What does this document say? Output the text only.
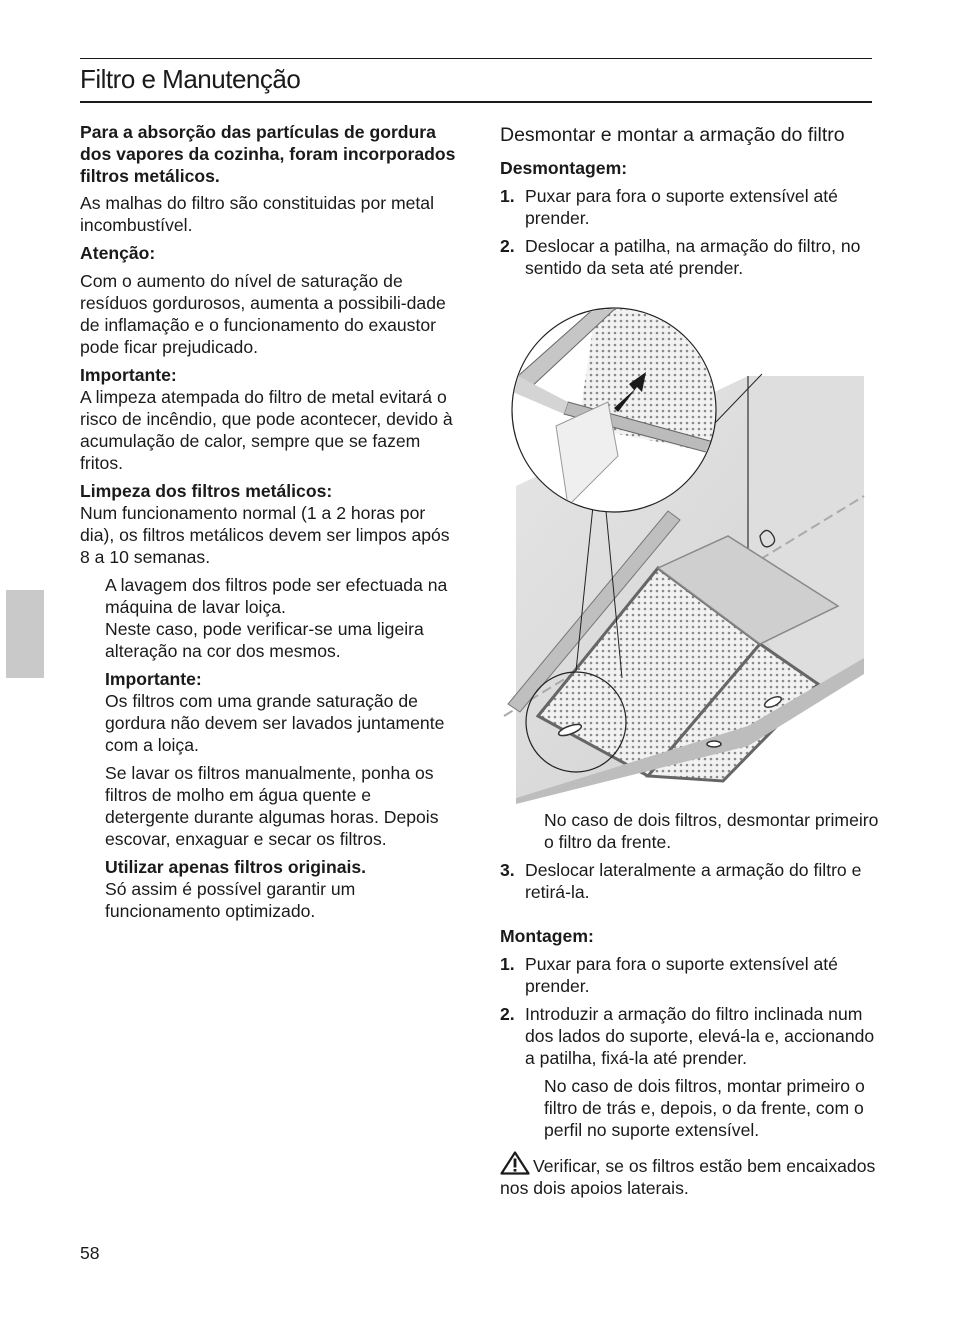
Filtro e Manutenção

Para a absorção das partículas de gordura dos vapores da cozinha, foram incorporados filtros metálicos.

As malhas do filtro são constituidas por metal incombustível.

Atenção:

Com o aumento do nível de saturação de resíduos gordurosos, aumenta a possibili-dade de inflamação e o funcionamento do exaustor pode ficar prejudicado.

Importante:

A limpeza atempada do filtro de metal evitará o risco de incêndio, que pode acontecer, devido à acumulação de calor, sempre que se fazem fritos.

Limpeza dos filtros metálicos:

Num funcionamento normal (1 a 2 horas por dia), os filtros metálicos devem ser limpos após 8 a 10 semanas.

A lavagem dos filtros pode ser efectuada na máquina de lavar loiça.

Neste caso, pode verificar-se uma ligeira alteração na cor dos mesmos.

Importante:

Os filtros com uma grande saturação de gordura não devem ser lavados juntamente com a loiça.

Se lavar os filtros manualmente, ponha os filtros de molho em água quente e detergente durante algumas horas. Depois escovar, enxaguar e secar os filtros.

Utilizar apenas filtros originais.

Só assim é possível garantir um funcionamento optimizado.

Desmontar e montar a armação do filtro

Desmontagem:

1. Puxar para fora o suporte extensível até prender.
2. Deslocar a patilha, na armação do filtro, no sentido da seta até prender.

No caso de dois filtros, desmontar primeiro o filtro da frente.

3. Deslocar lateralmente a armação do filtro e retirá-la.

Montagem:

1. Puxar para fora o suporte extensível até prender.
2. Introduzir a armação do filtro inclinada num dos lados do suporte, elevá-la e, accionando a patilha, fixá-la até prender.

No caso de dois filtros, montar primeiro o filtro de trás e, depois, o da frente, com o perfil no suporte extensível.

Verificar, se os filtros estão bem encaixados nos dois apoios laterais.

58
